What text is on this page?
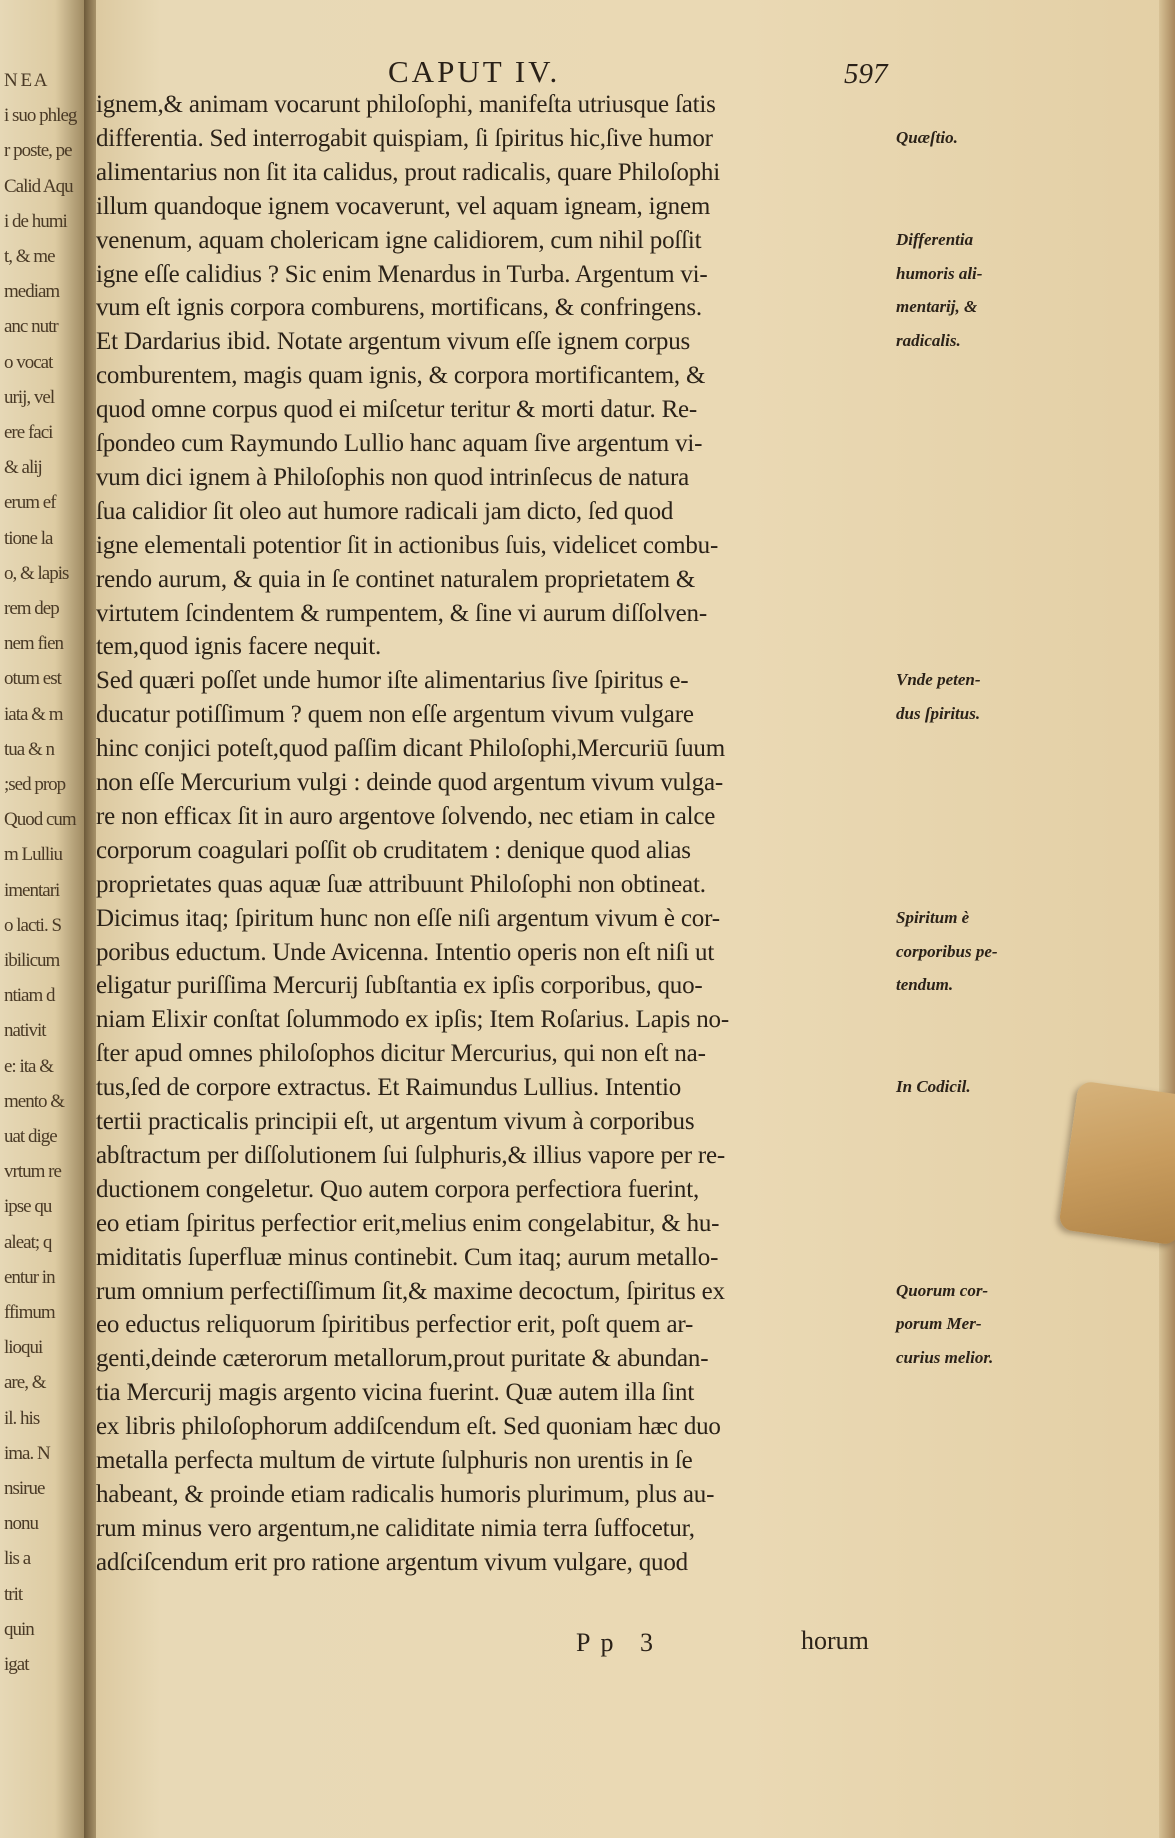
N E A
i suo phleg
r poste, pe
Calid Aqu
i de humi
t, & me
mediam
anc nutr
o vocat
urij, vel
ere faci
& alij
erum ef
tione la
o, & lapis
rem dep
nem fien
otum est
iata & m
tua & n
;sed prop
Quod cum
m Lulliu
imentari
o lacti. S
ibilicum
ntiam d
nativit
e: ita &
mento &
uat dige
vrtum re
ipse qu
aleat; q
entur in
ffimum
lioqui
are, &
il. his
ima. N
nsirue
nonu
lis a
trit
quin
igat
CAPUT IV.	597
ignem,& animam vocarunt philoſophi, manifeſta utriusque ſatis
differentia. Sed interrogabit quispiam, ſi ſpiritus hic,ſive humor
alimentarius non ſit ita calidus, prout radicalis, quare Philoſophi
illum quandoque ignem vocaverunt, vel aquam igneam, ignem
venenum, aquam cholericam igne calidiorem, cum nihil poſſit
igne eſſe calidius ? Sic enim Menardus in Turba. Argentum vi-
vum eſt ignis corpora comburens, mortificans, & confringens.
Et Dardarius ibid. Notate argentum vivum eſſe ignem corpus
comburentem, magis quam ignis, & corpora mortificantem, &
quod omne corpus quod ei miſcetur teritur & morti datur. Re-
ſpondeo cum Raymundo Lullio hanc aquam ſive argentum vi-
vum dici ignem à Philoſophis non quod intrinſecus de natura
ſua calidior ſit oleo aut humore radicali jam dicto, ſed quod
igne elementali potentior ſit in actionibus ſuis, videlicet combu-
rendo aurum, & quia in ſe continet naturalem proprietatem &
virtutem ſcindentem & rumpentem, & ſine vi aurum diſſolven-
tem,quod ignis facere nequit.
Sed quæri poſſet unde humor iſte alimentarius ſive ſpiritus e-
ducatur potiſſimum ? quem non eſſe argentum vivum vulgare
hinc conjici poteſt,quod paſſim dicant Philoſophi,Mercuriū ſuum
non eſſe Mercurium vulgi : deinde quod argentum vivum vulga-
re non efficax ſit in auro argentove ſolvendo, nec etiam in calce
corporum coagulari poſſit ob cruditatem : denique quod alias
proprietates quas aquæ ſuæ attribuunt Philoſophi non obtineat.
Dicimus itaq; ſpiritum hunc non eſſe niſi argentum vivum è cor-
poribus eductum. Unde Avicenna. Intentio operis non eſt niſi ut
eligatur puriſſima Mercurij ſubſtantia ex ipſis corporibus, quo-
niam Elixir conſtat ſolummodo ex ipſis; Item Roſarius. Lapis no-
ſter apud omnes philoſophos dicitur Mercurius, qui non eſt na-
tus,ſed de corpore extractus. Et Raimundus Lullius. Intentio
tertii practicalis principii eſt, ut argentum vivum à corporibus
abſtractum per diſſolutionem ſui ſulphuris,& illius vapore per re-
ductionem congeletur. Quo autem corpora perfectiora fuerint,
eo etiam ſpiritus perfectior erit,melius enim congelabitur, & hu-
miditatis ſuperfluæ minus continebit. Cum itaq; aurum metallo-
rum omnium perfectiſſimum ſit,& maxime decoctum, ſpiritus ex
eo eductus reliquorum ſpiritibus perfectior erit, poſt quem ar-
genti,deinde cæterorum metallorum,prout puritate & abundan-
tia Mercurij magis argento vicina fuerint. Quæ autem illa ſint
ex libris philoſophorum addiſcendum eſt. Sed quoniam hæc duo
metalla perfecta multum de virtute ſulphuris non urentis in ſe
habeant, & proinde etiam radicalis humoris plurimum, plus au-
rum minus vero argentum,ne caliditate nimia terra ſuffocetur,
adſciſcendum erit pro ratione argentum vivum vulgare, quod
Quæſtio.
Differentia
humoris ali-
mentarij, &
radicalis.
Vnde peten-
dus ſpiritus.
Spiritum è
corporibus pe-
tendum.
In Codicil.
Quorum cor-
porum Mer-
curius melior.
Pp 3	horum
